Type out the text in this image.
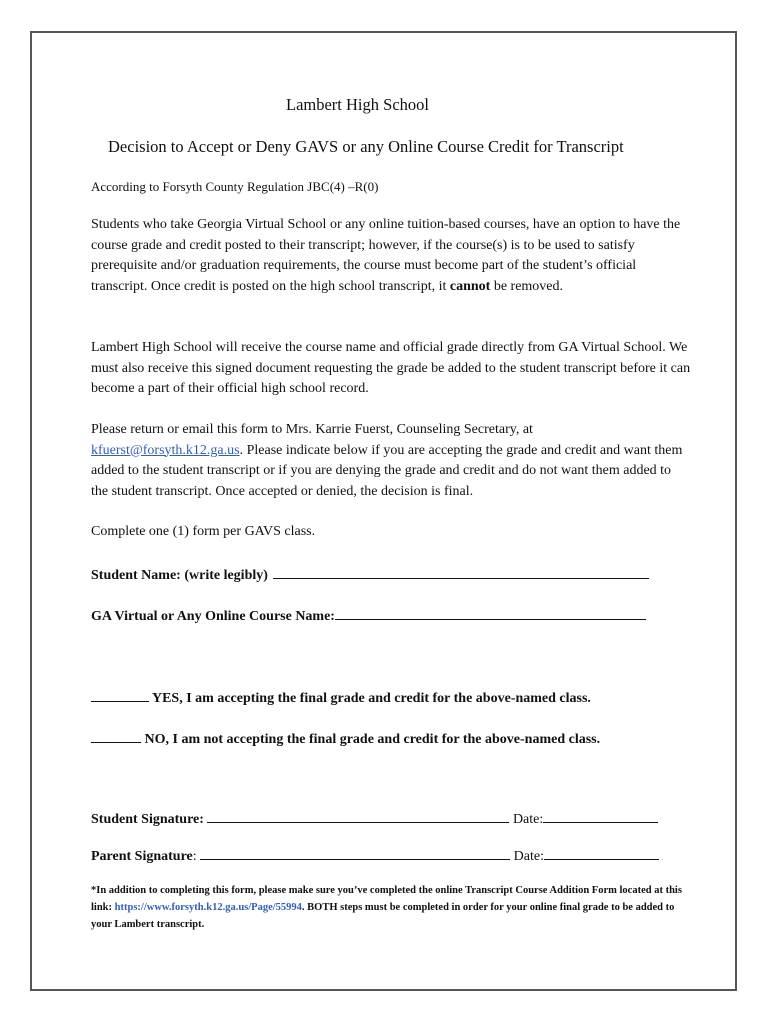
Lambert High School
Decision to Accept or Deny GAVS or any Online Course Credit for Transcript
According to Forsyth County Regulation JBC(4) –R(0)
Students who take Georgia Virtual School or any online tuition-based courses, have an option to have the course grade and credit posted to their transcript; however, if the course(s) is to be used to satisfy prerequisite and/or graduation requirements, the course must become part of the student’s official transcript. Once credit is posted on the high school transcript, it cannot be removed.
Lambert High School will receive the course name and official grade directly from GA Virtual School. We must also receive this signed document requesting the grade be added to the student transcript before it can become a part of their official high school record.
Please return or email this form to Mrs. Karrie Fuerst, Counseling Secretary, at
kfuerst@forsyth.k12.ga.us. Please indicate below if you are accepting the grade and credit and want them added to the student transcript or if you are denying the grade and credit and do not want them added to the student transcript. Once accepted or denied, the decision is final.
Complete one (1) form per GAVS class.
Student Name: (write legibly)
GA Virtual or Any Online Course Name:
YES, I am accepting the final grade and credit for the above-named class.
NO, I am not accepting the final grade and credit for the above-named class.
Student Signature:	Date:
Parent Signature:	Date:
*In addition to completing this form, please make sure you’ve completed the online Transcript Course Addition Form located at this link: https://www.forsyth.k12.ga.us/Page/55994. BOTH steps must be completed in order for your online final grade to be added to your Lambert transcript.
